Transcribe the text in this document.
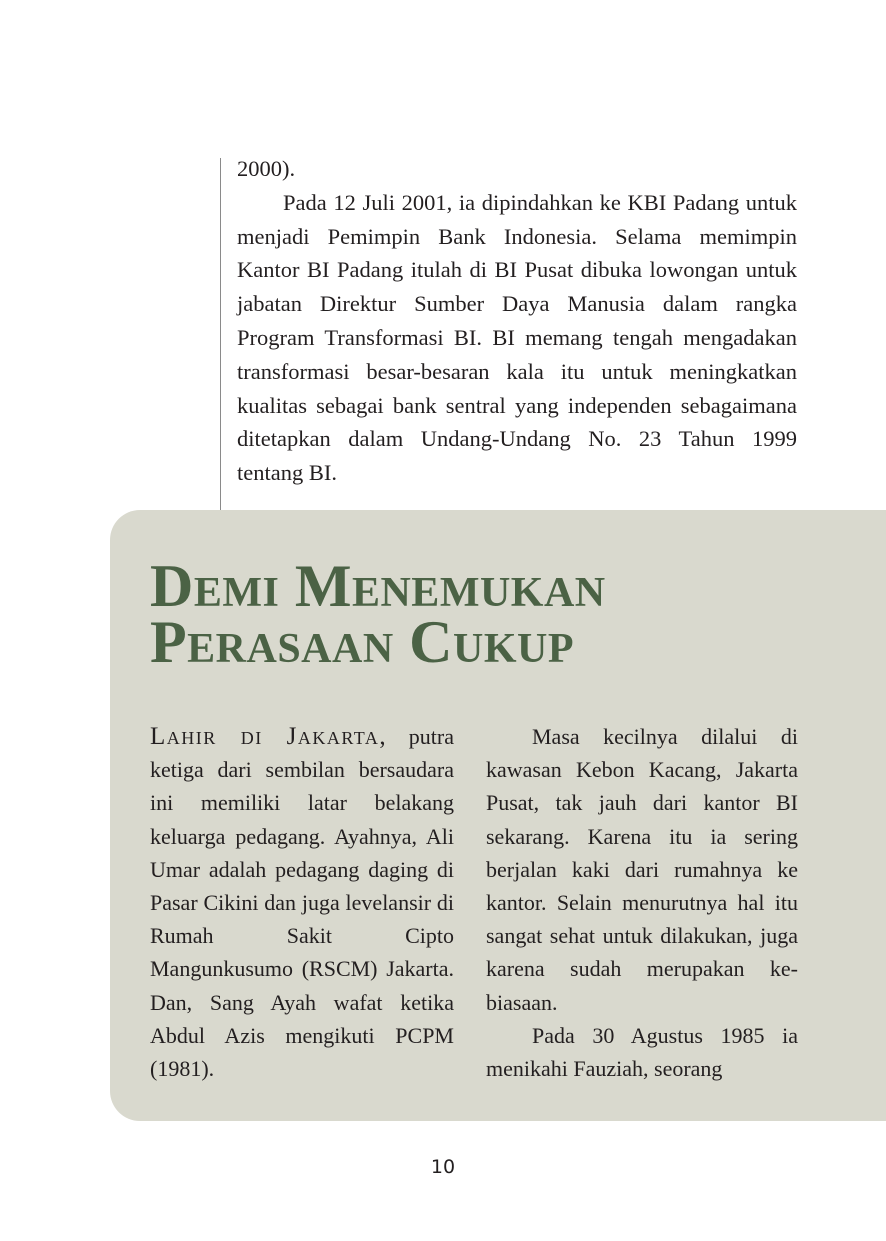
2000).

Pada 12 Juli 2001, ia dipindahkan ke KBI Padang untuk menjadi Pemimpin Bank Indonesia. Selama memimpin Kantor BI Padang itulah di BI Pusat dibuka lowongan untuk jabatan Direktur Sumber Daya Manusia dalam rangka Program Transformasi BI. BI memang tengah mengadakan transformasi besar-besaran kala itu untuk meningkatkan kualitas sebagai bank sentral yang independen sebagaimana ditetapkan dalam Undang-Undang No. 23 Tahun 1999 tentang BI.

Demi Menemukan
Perasaan Cukup

Lahir di Jakarta, putra ketiga dari sembilan bersaudara ini memiliki latar belakang keluarga pedagang. Ayahnya, Ali Umar adalah pedagang daging di Pasar Cikini dan juga levelansir di Rumah Sakit Cipto Mangunkusumo (RSCM) Jakarta. Dan, Sang Ayah wafat ketika Abdul Azis mengikuti PCPM (1981).

Masa kecilnya dilalui di kawasan Kebon Kacang, Jakarta Pusat, tak jauh dari kantor BI sekarang. Karena itu ia sering berjalan kaki dari rumahnya ke kantor. Selain menurutnya hal itu sangat sehat untuk dilakukan, juga karena sudah merupakan kebiasaan.

Pada 30 Agustus 1985 ia menikahi Fauziah, seorang

10
